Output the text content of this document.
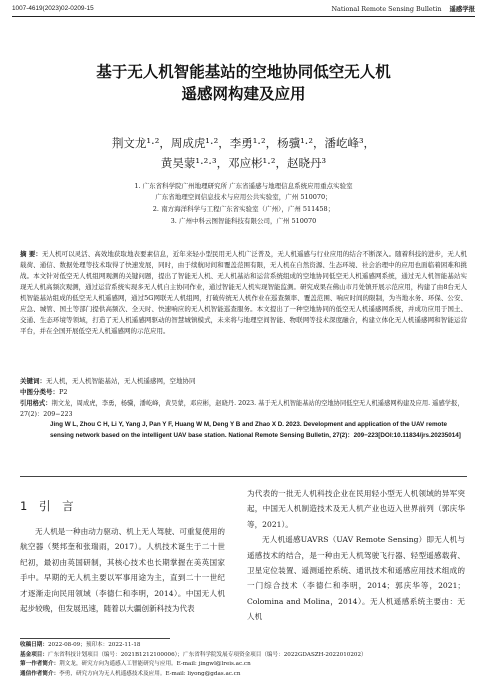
1007-4619(2023)02-0209-15	National Remote Sensing Bulletin 遥感学报
基于无人机智能基站的空地协同低空无人机
遥感网构建及应用
荆文龙¹·²，周成虎¹·²，李勇¹·²，杨骥¹·²，潘屹峰³，
黄昊蒙¹·²·³，邓应彬¹·²，赵晓丹³
1. 广东省科学院广州地理研究所 广东省遥感与地理信息系统应用重点实验室
广东省地理空间信息技术与应用公共实验室，广州 510070；
2. 南方海洋科学与工程广东省实验室（广州），广州 511458；
3. 广州中科云图智能科技有限公司，广州 510070
摘 要：无人机可以灵活、高效地获取地表要素信息，近年来轻小型民用无人机广泛普及，无人机遥感与行业应用的结合不断深入。随着科技的进步，无人机载荷、通信、数据处理等技术取得了快速发展，同时，由于续航时间和覆盖范围有限，无人机在自然资源、生态环境、社会治理中的应用也面临着困难和挑战。本文针对低空无人机组网观测的关键问题，提出了智能无人机、无人机基站和运营系统组成的空地协同低空无人机遥感网系统，通过无人机智能基站实现无人机高频次观测，通过运营系统实现多无人机自主协同作业，通过智能无人机实现智能监测。研究成果在佛山市月处镇开展示范应用，构建了由8台无人机智能基站组成的低空无人机遥感网，通过5G网联无人机组网，打破传统无人机作业在巡查频率、覆盖范围、响应时间的限制，为当地水务、环保、公安、应急、城管、国土等部门提供高频次、全天时、快速响应的无人机智能巡查服务。本文提出了一种空地协同的低空无人机遥感网系统，并成功应用于国土、交通、生态环境等领域，打造了无人机遥感网驱动的智慧城镇模式，未来将与地理空间智能、物联网等技术深度融合，构建立体化无人机遥感网和智能运营平台，并在全国开展低空无人机遥感网的示范应用。
关键词：无人机，无人机智能基站，无人机遥感网，空地协同
中图分类号：P2
引用格式：荆文龙，周成虎，李勇，杨骥，潘屹峰，黄昊蒙，邓应彬，赵晓丹. 2023. 基于无人机智能基站的空地协同低空无人机遥感网构建及应用. 遥感学报，27(2)：209−223
Jing W L, Zhou C H, Li Y, Yang J, Pan Y F, Huang W M, Deng Y B and Zhao X D. 2023. Development and application of the UAV remote sensing network based on the intelligent UAV base station. National Remote Sensing Bulletin, 27(2)：209−223[DOI:10.11834/jrs.20235014]
1 引 言

无人机是一种由动力驱动、机上无人驾驶、可重复使用的航空器（樊邦奎和张瑞雨，2017）。人机技术诞生于二十世纪初，最初由英国研制，其核心技术也长期掌握在美英国家手中。早期的无人机主要以军事用途为主，直到二十一世纪才逐渐走向民用领域（李德仁和李明，2014）。中国无人机起步较晚，但发展迅速，随着以大疆创新科技为代表

为代表的一批无人机科技企业在民用轻小型无人机领域的异军突起，中国无人机制造技术及无人机产业也迈入世界前列（郭庆华等，2021）。

无人机遥感UAVRS（UAV Remote Sensing）即无人机与遥感技术的结合，是一种由无人机驾驶飞行器、轻型遥感载荷、卫星定位装置、遥测遥控系统、通讯技术和遥感应用技术组成的一门综合技术（李德仁和李明，2014；郭庆华等，2021；Colomina and Molina，2014）。无人机遥感系统主要由：无人机

收稿日期：2022-08-09；预印本：2022-11-18
基金项目：广东省科技计划项目（编号：2021B1212100006）；广东省科学院发展专项资金项目（编号：2022GDASZH-2022010202）
第一作者简介：荆文龙，研究方向为遥感人工智能研究与应用。E-mail: jingwl@lreis.ac.cn
通信作者简介：李勇，研究方向为无人机遥感技术及应用。E-mail: liyong@gdas.ac.cn
